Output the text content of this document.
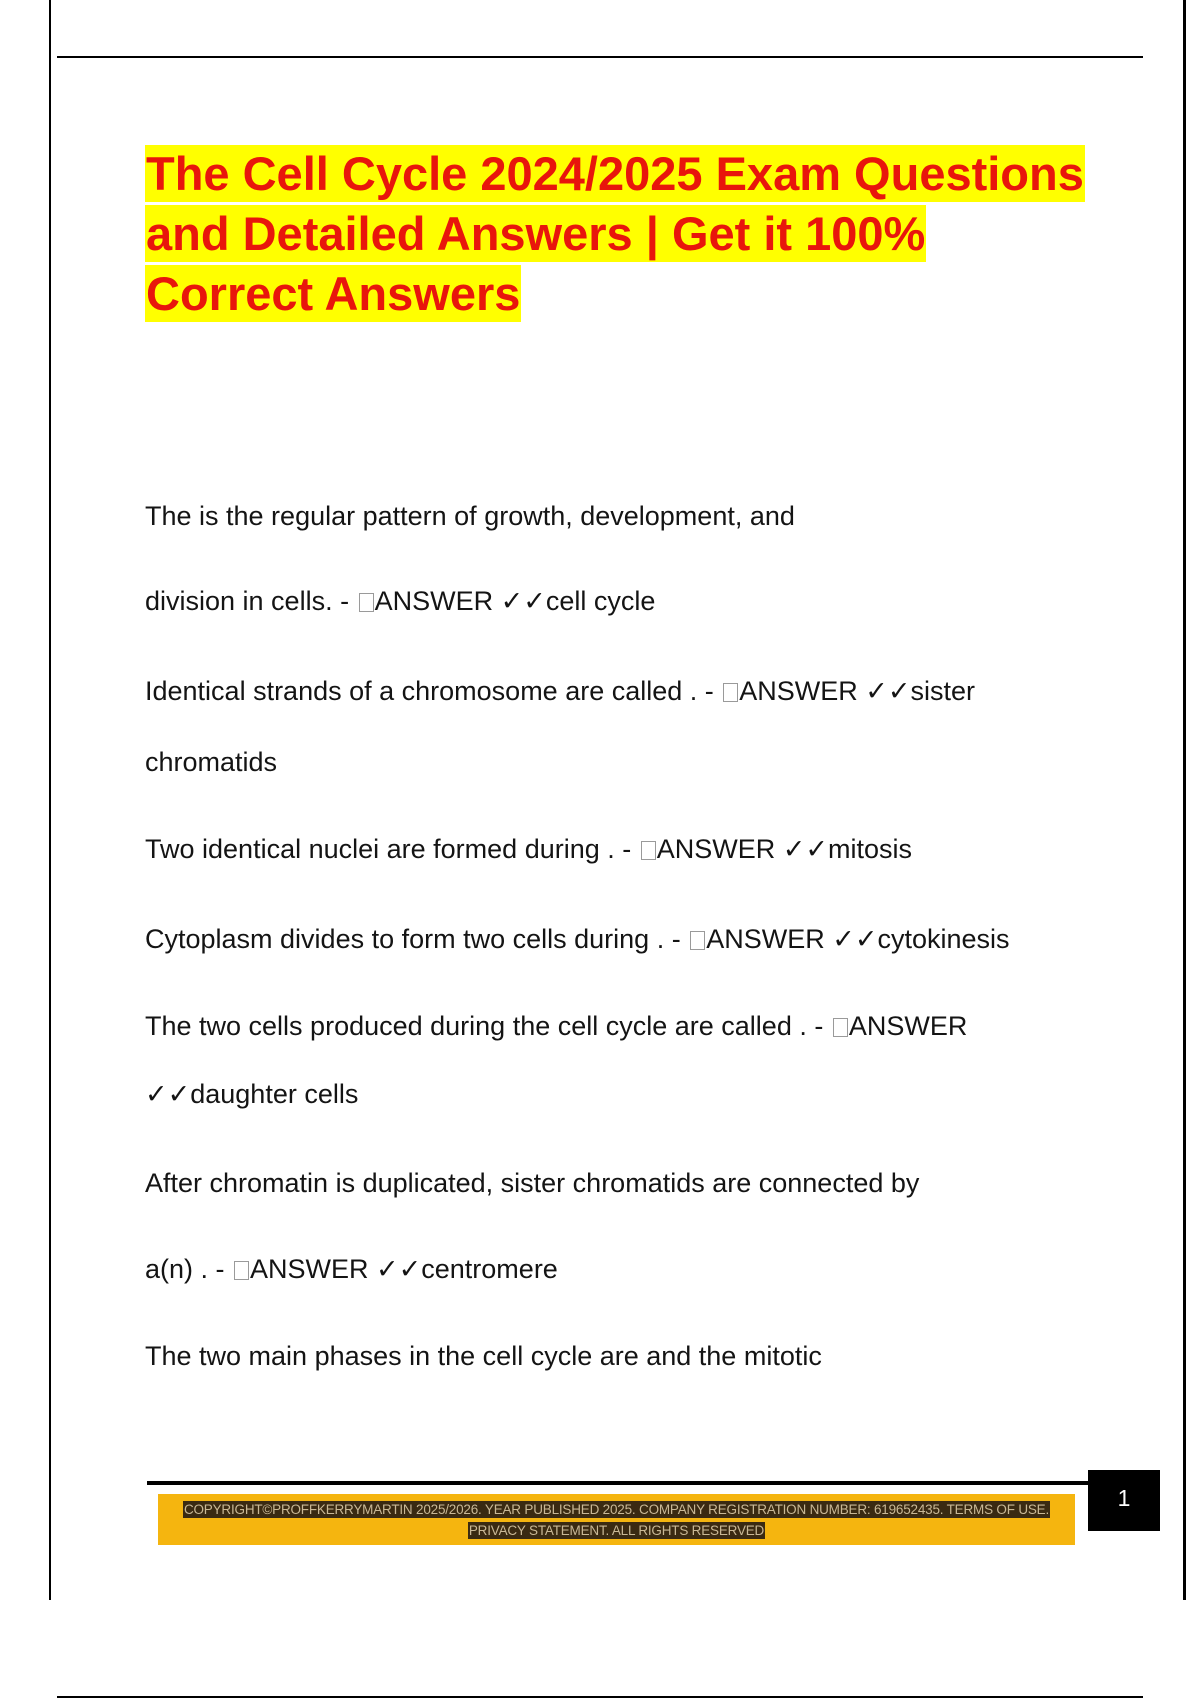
The Cell Cycle 2024/2025 Exam Questions and Detailed Answers | Get it 100% Correct Answers
The is the regular pattern of growth, development, and
division in cells. - ANSWER ✓✓cell cycle
Identical strands of a chromosome are called . - ANSWER ✓✓sister
chromatids
Two identical nuclei are formed during . - ANSWER ✓✓mitosis
Cytoplasm divides to form two cells during . - ANSWER ✓✓cytokinesis
The two cells produced during the cell cycle are called . - ANSWER
✓✓daughter cells
After chromatin is duplicated, sister chromatids are connected by
a(n) . - ANSWER ✓✓centromere
The two main phases in the cell cycle are and the mitotic
COPYRIGHT©PROFFKERRYMARTIN 2025/2026. YEAR PUBLISHED 2025. COMPANY REGISTRATION NUMBER: 619652435. TERMS OF USE.
PRIVACY STATEMENT. ALL RIGHTS RESERVED
1
